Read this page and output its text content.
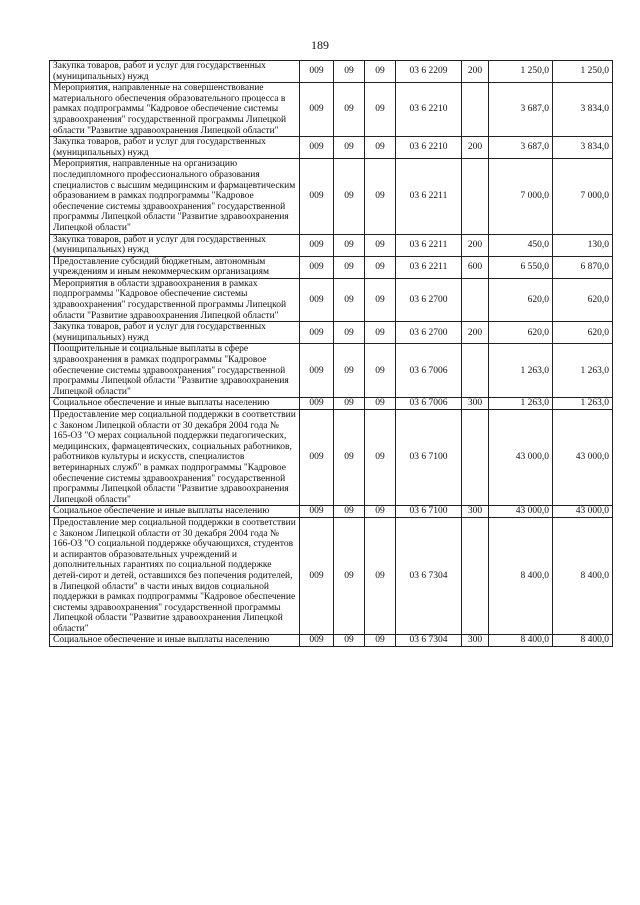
189
Закупка товаров, работ и услуг для государственных (муниципальных) нужд	009	09	09	03 6 2209	200	1 250,0	1 250,0
Мероприятия, направленные на совершенствование материального обеспечения образовательного процесса в рамках подпрограммы "Кадровое обеспечение системы здравоохранения" государственной программы Липецкой области "Развитие здравоохранения Липецкой области"	009	09	09	03 6 2210		3 687,0	3 834,0
Закупка товаров, работ и услуг для государственных (муниципальных) нужд	009	09	09	03 6 2210	200	3 687,0	3 834,0
Мероприятия, направленные на организацию последипломного профессионального образования специалистов с высшим медицинским и фармацевтическим образованием в рамках подпрограммы "Кадровое обеспечение системы здравоохранения" государственной программы Липецкой области "Развитие здравоохранения Липецкой области"	009	09	09	03 6 2211		7 000,0	7 000,0
Закупка товаров, работ и услуг для государственных (муниципальных) нужд	009	09	09	03 6 2211	200	450,0	130,0
Предоставление субсидий бюджетным, автономным учреждениям и иным некоммерческим организациям	009	09	09	03 6 2211	600	6 550,0	6 870,0
Мероприятия в области здравоохранения в рамках подпрограммы "Кадровое обеспечение системы здравоохранения" государственной программы Липецкой области "Развитие здравоохранения Липецкой области"	009	09	09	03 6 2700		620,0	620,0
Закупка товаров, работ и услуг для государственных (муниципальных) нужд	009	09	09	03 6 2700	200	620,0	620,0
Поощрительные и социальные выплаты в сфере здравоохранения в рамках подпрограммы "Кадровое обеспечение системы здравоохранения" государственной программы Липецкой области "Развитие здравоохранения Липецкой области"	009	09	09	03 6 7006		1 263,0	1 263,0
Социальное обеспечение и иные выплаты населению	009	09	09	03 6 7006	300	1 263,0	1 263,0
Предоставление мер социальной поддержки в соответствии с Законом Липецкой области от 30 декабря 2004 года № 165-ОЗ "О мерах социальной поддержки педагогических, медицинских, фармацевтических, социальных работников, работников культуры и искусств, специалистов ветеринарных служб" в рамках подпрограммы "Кадровое обеспечение системы здравоохранения" государственной программы Липецкой области "Развитие здравоохранения Липецкой области"	009	09	09	03 6 7100		43 000,0	43 000,0
Социальное обеспечение и иные выплаты населению	009	09	09	03 6 7100	300	43 000,0	43 000,0
Предоставление мер социальной поддержки в соответствии с Законом Липецкой области от 30 декабря 2004 года № 166-ОЗ "О социальной поддержке обучающихся, студентов и аспирантов образовательных учреждений и дополнительных гарантиях по социальной поддержке детей-сирот и детей, оставшихся без попечения родителей, в Липецкой области" в части иных видов социальной поддержки в рамках подпрограммы "Кадровое обеспечение системы здравоохранения" государственной программы Липецкой области "Развитие здравоохранения Липецкой области"	009	09	09	03 6 7304		8 400,0	8 400,0
Социальное обеспечение и иные выплаты населению	009	09	09	03 6 7304	300	8 400,0	8 400,0
